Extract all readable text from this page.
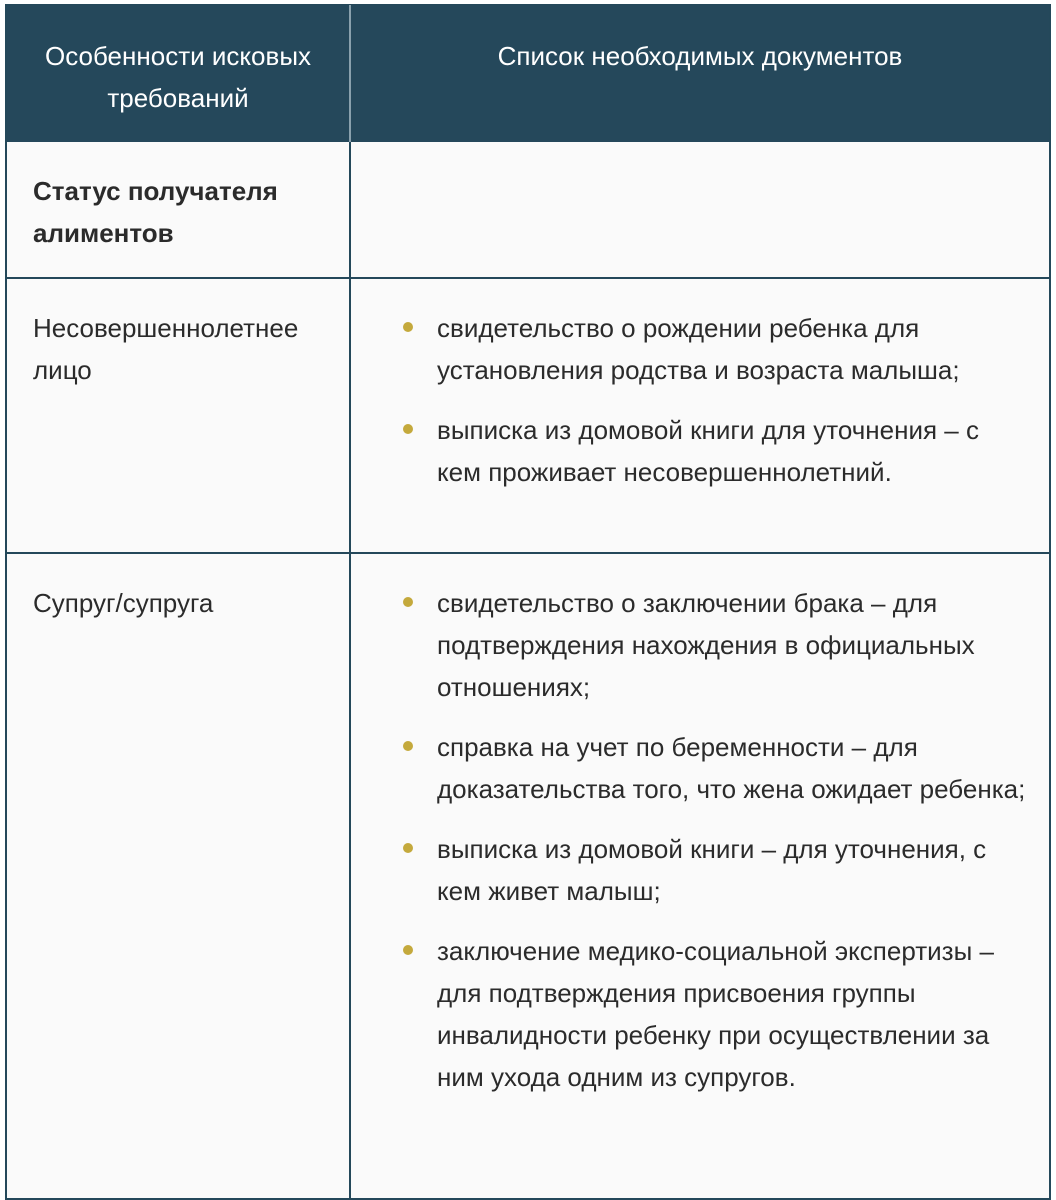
Особенности исковых требований
Список необходимых документов
Статус получателя алиментов
Несовершеннолетнее лицо
свидетельство о рождении ребенка для установления родства и возраста малыша;
выписка из домовой книги для уточнения – с кем проживает несовершеннолетний.
Супруг/супруга	свидетельство о заключении брака – для подтверждения нахождения в официальных отношениях;
справка на учет по беременности – для доказательства того, что жена ожидает ребенка;
выписка из домовой книги – для уточнения, с кем живет малыш;
заключение медико-социальной экспертизы – для подтверждения присвоения группы инвалидности ребенку при осуществлении за ним ухода одним из супругов.
